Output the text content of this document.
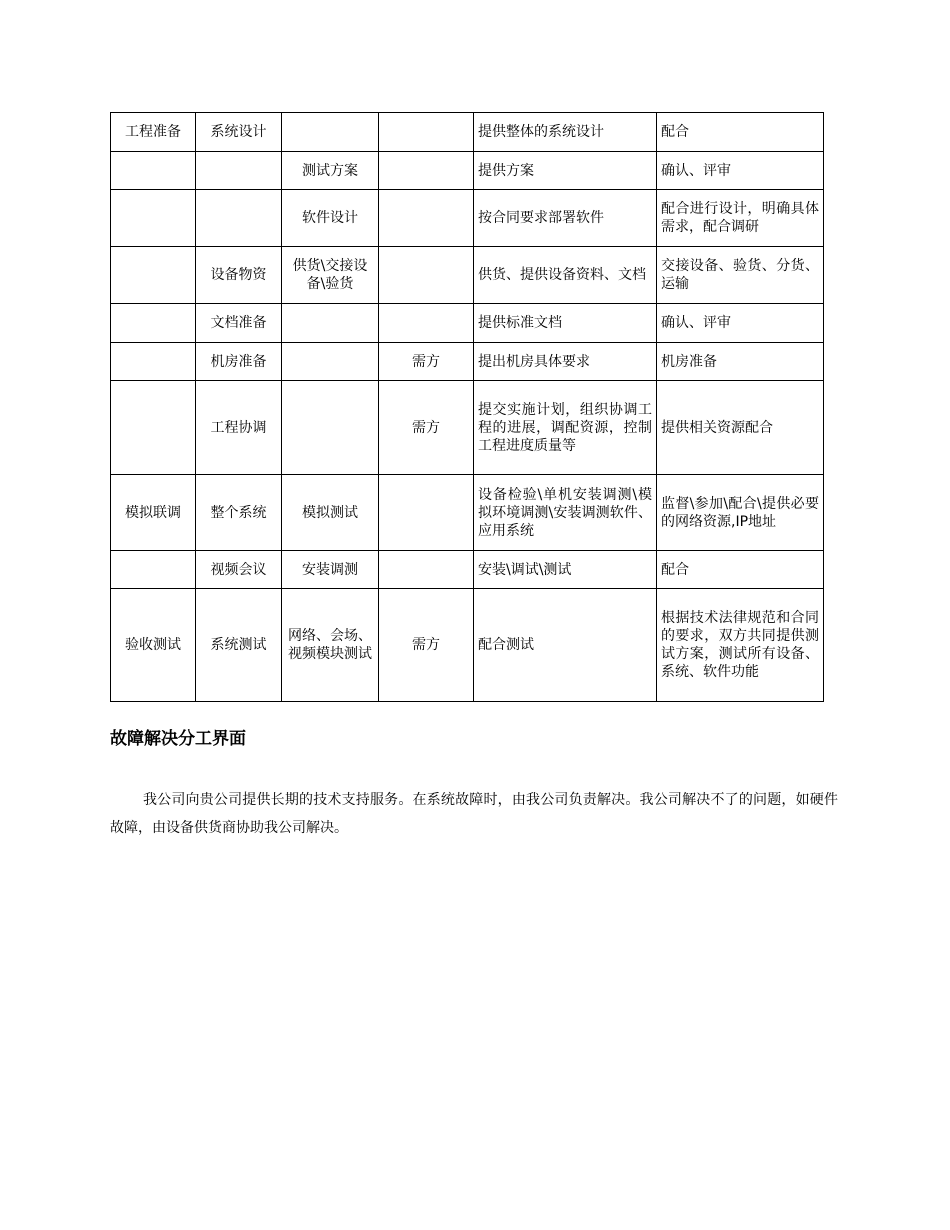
工程准备	系统设计			提供整体的系统设计	配合
		测试方案		提供方案	确认、评审
		软件设计		按合同要求部署软件	配合进行设计，明确具体需求，配合调研
	设备物资	供货\交接设备\验货		供货、提供设备资料、文档	交接设备、验货、分货、运输
	文档准备			提供标准文档	确认、评审
	机房准备		需方	提出机房具体要求	机房准备
	工程协调		需方	提交实施计划，组织协调工程的进展，调配资源，控制工程进度质量等	提供相关资源配合
模拟联调	整个系统	模拟测试		设备检验\单机安装调测\模拟环境调测\安装调测软件、应用系统	监督\参加\配合\提供必要的网络资源,IP地址
	视频会议	安装调测		安装\调试\测试	配合
验收测试	系统测试	网络、会场、视频模块测试	需方	配合测试	根据技术法律规范和合同的要求，双方共同提供测试方案，测试所有设备、系统、软件功能
故障解决分工界面
我公司向贵公司提供长期的技术支持服务。在系统故障时，由我公司负责解决。我公司解决不了的问题，如硬件故障，由设备供货商协助我公司解决。
